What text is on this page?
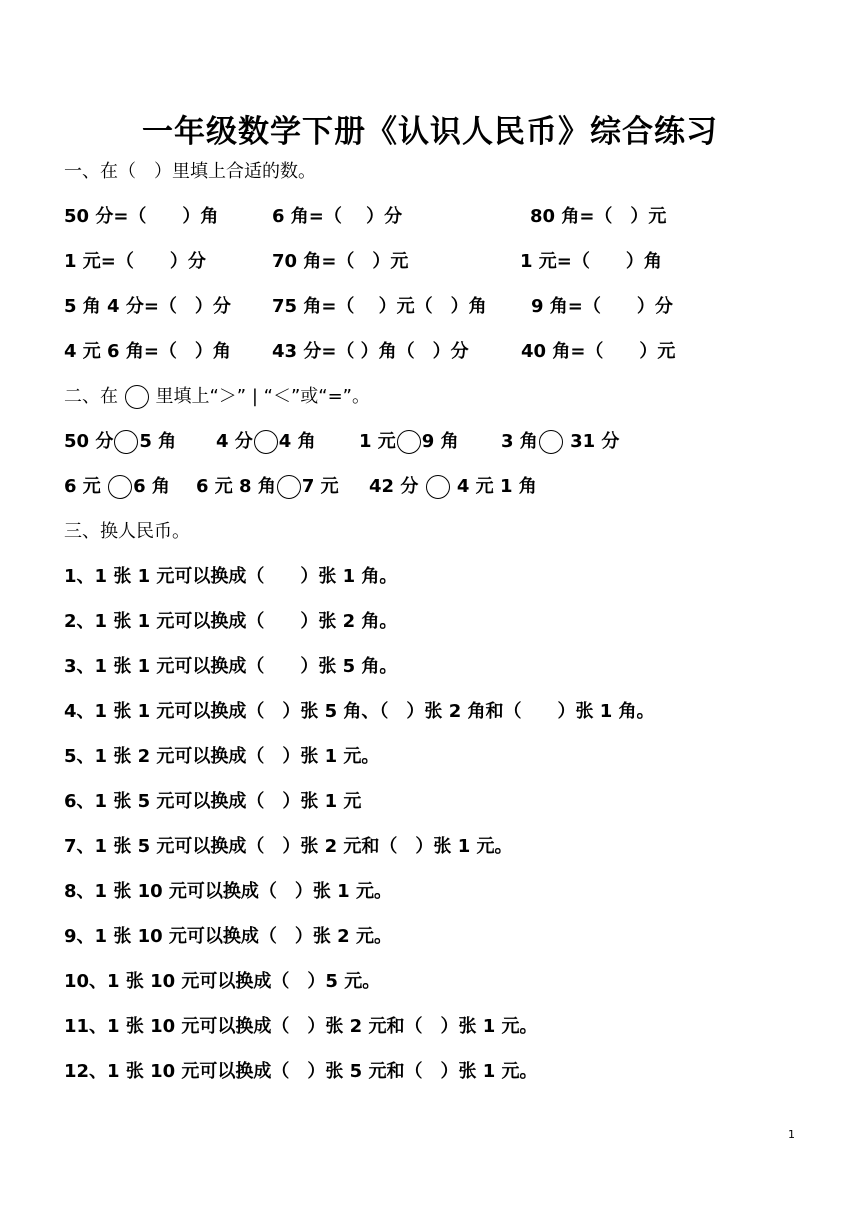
一年级数学下册《认识人民币》综合练习
一、在（　）里填上合适的数。
50 分=（　　）角	6 角=（　 ）分	80 角=（　）元
1 元=（　　）分	70 角=（　）元	1 元=（　　）角
5 角 4 分=（　）分 75 角=（　 ）元（　）角 9 角=（　　）分
4 元 6 角=（　）角 43 分=（ ）角（　）分	40 角=（　　）元
二、在 里填上“＞” | “＜”或“=”。
50 分 5 角 4 分 4 角 1 元 9 角 3 角 31 分
6 元 6 角 6 元 8 角 7 元 42 分 4 元 1 角
三、换人民币。
1、1 张 1 元可以换成（　　）张 1 角。
2、1 张 1 元可以换成（　　）张 2 角。
3、1 张 1 元可以换成（　　）张 5 角。
4、1 张 1 元可以换成（　）张 5 角、（　）张 2 角和（　　）张 1 角。
5、1 张 2 元可以换成（　）张 1 元。
6、1 张 5 元可以换成（　）张 1 元
7、1 张 5 元可以换成（　）张 2 元和（　）张 1 元。
8、1 张 10 元可以换成（　）张 1 元。
9、1 张 10 元可以换成（　）张 2 元。
10、1 张 10 元可以换成（　）5 元。
11、1 张 10 元可以换成（　）张 2 元和（　）张 1 元。
12、1 张 10 元可以换成（　）张 5 元和（　）张 1 元。
1
